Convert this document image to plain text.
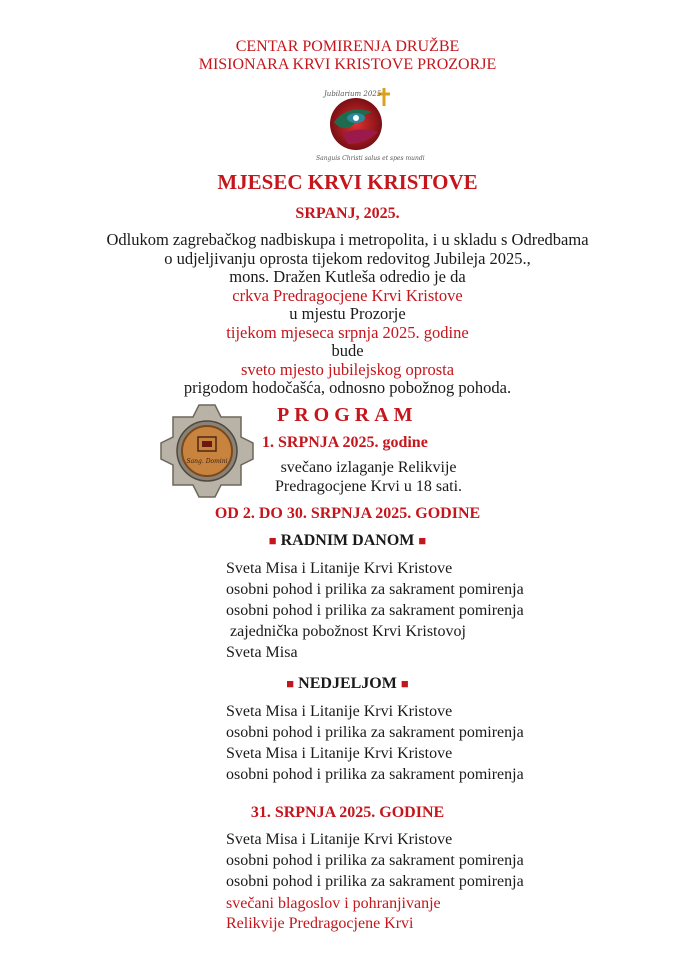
CENTAR POMIRENJA DRUŽBE
MISIONARA KRVI KRISTOVE PROZORJE
Jubilarium 2025
Sanguis Christi salus et spes mundi
MJESEC KRVI KRISTOVE
SRPANJ, 2025.
Odlukom zagrebačkog nadbiskupa i metropolita, i u skladu s Odredbama
o udjeljivanju oprosta tijekom redovitog Jubileja 2025.,
mons. Dražen Kutleša odredio je da
crkva Predragocjene Krvi Kristove
u mjestu Prozorje
tijekom mjeseca srpnja 2025. godine
bude
sveto mjesto jubilejskog oprosta
prigodom hodočašća, odnosno pobožnog pohoda.
Sang. Domini
PROGRAM
1. SRPNJA 2025. godine
svečano izlaganje Relikvije
Predragocjene Krvi u 18 sati.
OD 2. DO 30. SRPNJA 2025. GODINE
■ RADNIM DANOM ■
Sveta Misa i Litanije Krvi Kristove
osobni pohod i prilika za sakrament pomirenja
osobni pohod i prilika za sakrament pomirenja
zajednička pobožnost Krvi Kristovoj
Sveta Misa
■ NEDJELJOM ■
Sveta Misa i Litanije Krvi Kristove
osobni pohod i prilika za sakrament pomirenja
Sveta Misa i Litanije Krvi Kristove
osobni pohod i prilika za sakrament pomirenja
31. SRPNJA 2025. GODINE
Sveta Misa i Litanije Krvi Kristove
osobni pohod i prilika za sakrament pomirenja
osobni pohod i prilika za sakrament pomirenja
svečani blagoslov i pohranjivanje
Relikvije Predragocjene Krvi
